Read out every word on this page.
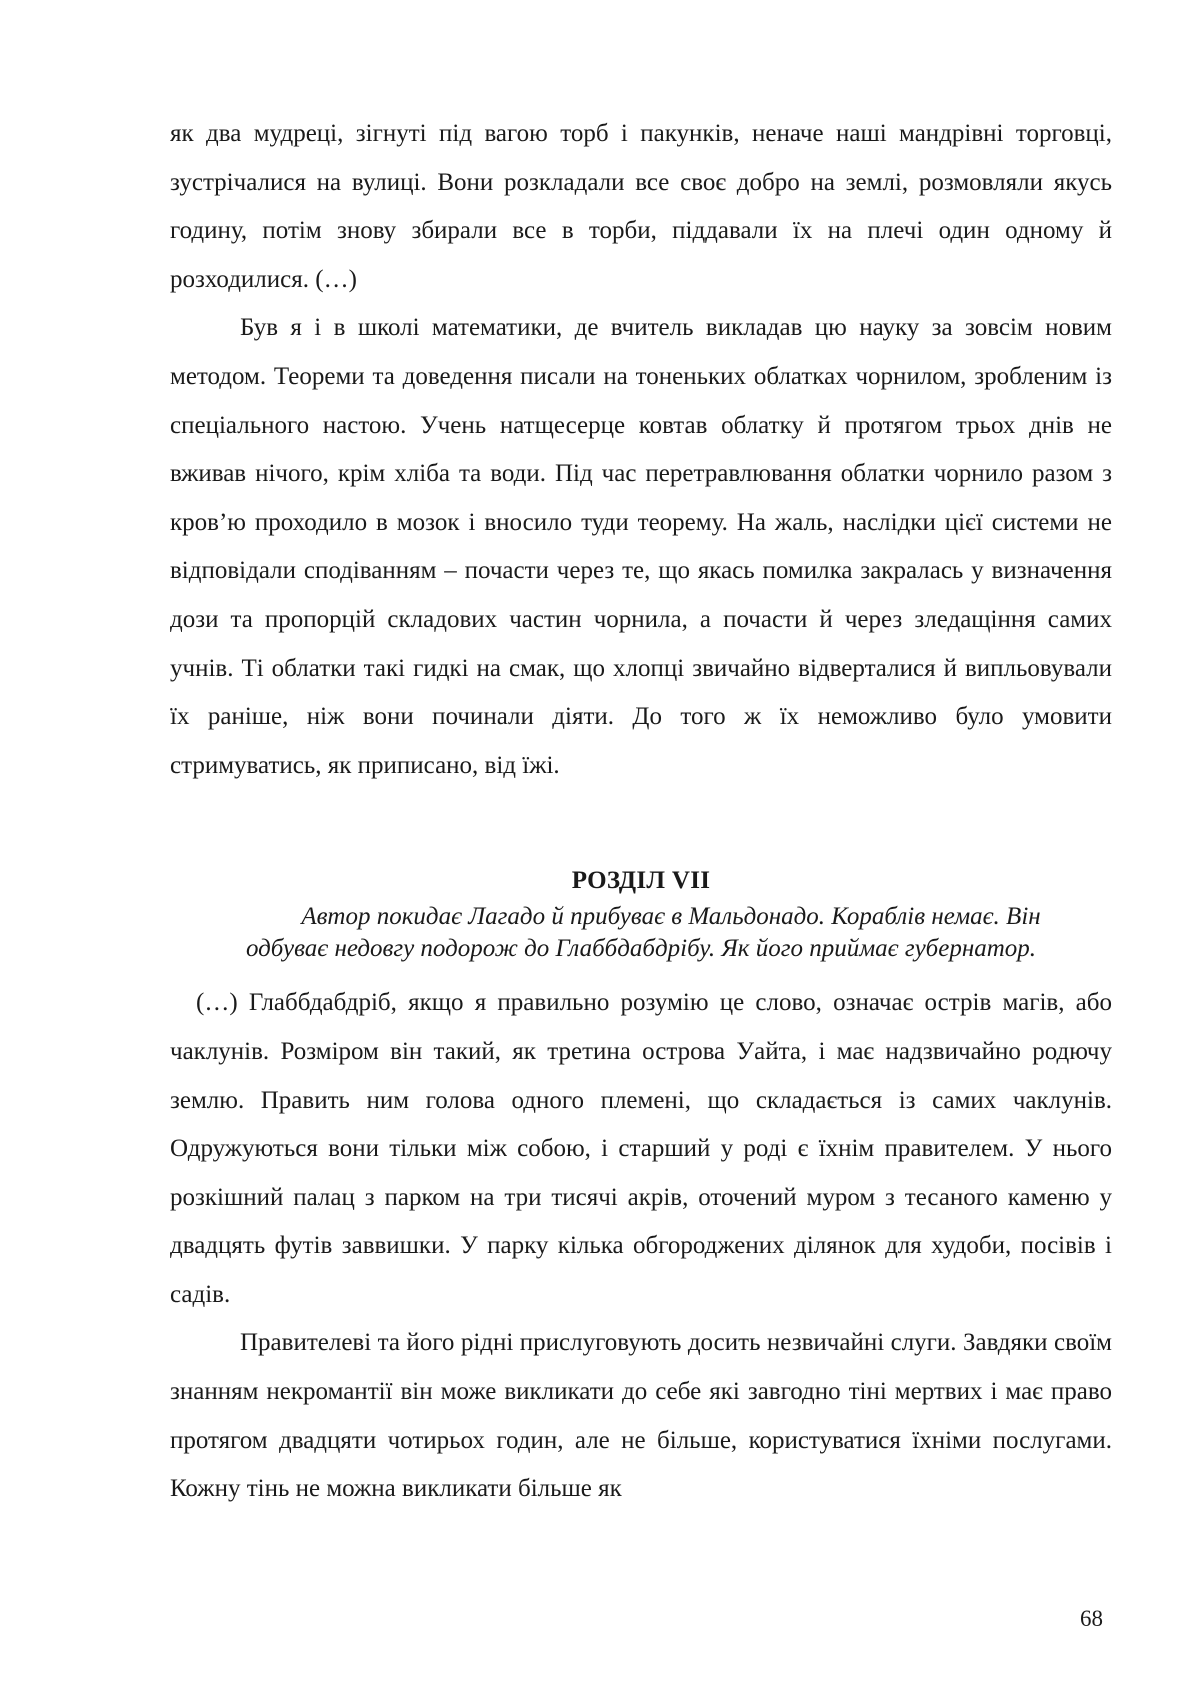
як два мудреці, зігнуті під вагою торб і пакунків, неначе наші мандрівні торговці, зустрічалися на вулиці. Вони розкладали все своє добро на землі, розмовляли якусь годину, потім знову збирали все в торби, піддавали їх на плечі один одному й розходилися. (…)

Був я і в школі математики, де вчитель викладав цю науку за зовсім новим методом. Теореми та доведення писали на тоненьких облатках чорнилом, зробленим із спеціального настою. Учень натщесерце ковтав облатку й протягом трьох днів не вживав нічого, крім хліба та води. Під час перетравлювання облатки чорнило разом з кров’ю проходило в мозок і вносило туди теорему. На жаль, наслідки цієї системи не відповідали сподіванням – почасти через те, що якась помилка закралась у визначення дози та пропорцій складових частин чорнила, а почасти й через зледащіння самих учнів. Ті облатки такі гидкі на смак, що хлопці звичайно відверталися й випльовували їх раніше, ніж вони починали діяти. До того ж їх неможливо було умовити стримуватись, як приписано, від їжі.

РОЗДІЛ VII
Автор покидає Лагадо й прибуває в Мальдонадо. Кораблів немає. Він
одбуває недовгу подорож до Глаббдабдрібу. Як його приймає губернатор.

(…) Глаббдабдріб, якщо я правильно розумію це слово, означає острів магів, або чаклунів. Розміром він такий, як третина острова Уайта, і має надзвичайно родючу землю. Править ним голова одного племені, що складається із самих чаклунів. Одружуються вони тільки між собою, і старший у роді є їхнім правителем. У нього розкішний палац з парком на три тисячі акрів, оточений муром з тесаного каменю у двадцять футів заввишки. У парку кілька обгороджених ділянок для худоби, посівів і садів.

Правителеві та його рідні прислуговують досить незвичайні слуги. Завдяки своїм знанням некромантії він може викликати до себе які завгодно тіні мертвих і має право протягом двадцяти чотирьох годин, але не більше, користуватися їхніми послугами. Кожну тінь не можна викликати більше як

68
